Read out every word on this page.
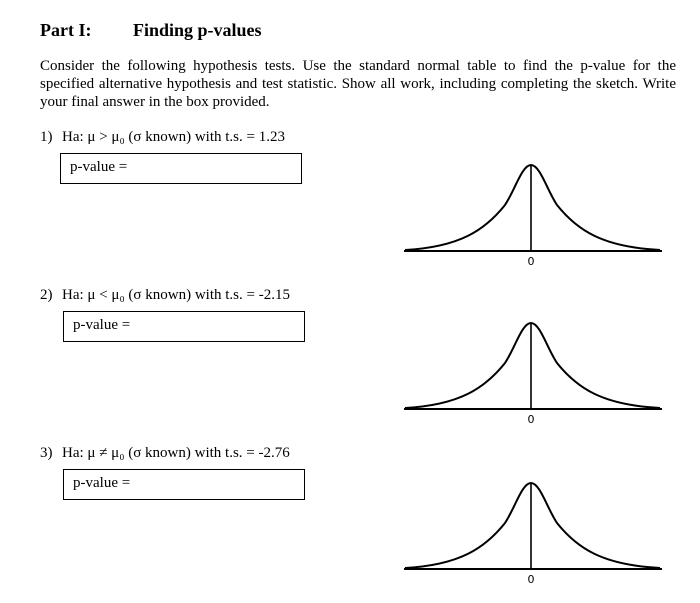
Part I: Finding p-values
Consider the following hypothesis tests. Use the standard normal table to find the p-value for the specified alternative hypothesis and test statistic. Show all work, including completing the sketch. Write your final answer in the box provided.
1) Ha: μ > μ₀ (σ known) with t.s. = 1.23
p-value =
0
2) Ha: μ < μ₀ (σ known) with t.s. = -2.15
p-value =
0
3) Ha: μ ≠ μ₀ (σ known) with t.s. = -2.76
p-value =
0
